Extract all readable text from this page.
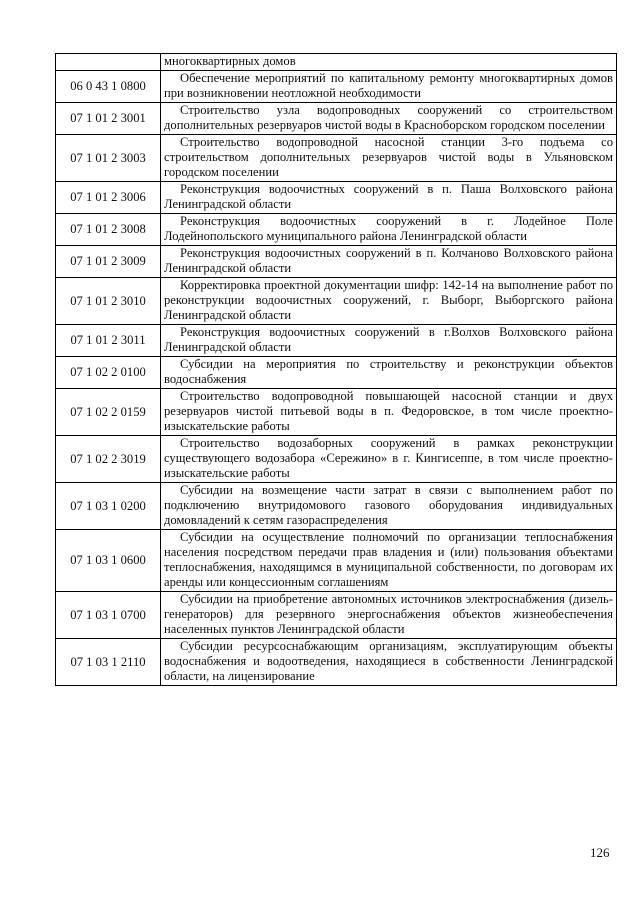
	многоквартирных домов
06 0 43 1 0800	Обеспечение мероприятий по капитальному ремонту многоквартирных домов при возникновении неотложной необходимости
07 1 01 2 3001	Строительство узла водопроводных сооружений со строительством дополнительных резервуаров чистой воды в Красноборском городском поселении
07 1 01 2 3003	Строительство водопроводной насосной станции 3-го подъема со строительством дополнительных резервуаров чистой воды в Ульяновском городском поселении
07 1 01 2 3006	Реконструкция водоочистных сооружений в п. Паша Волховского района Ленинградской области
07 1 01 2 3008	Реконструкция водоочистных сооружений в г. Лодейное Поле Лодейнопольского муниципального района Ленинградской области
07 1 01 2 3009	Реконструкция водоочистных сооружений в п. Колчаново Волховского района Ленинградской области
07 1 01 2 3010	Корректировка проектной документации шифр: 142-14 на выполнение работ по реконструкции водоочистных сооружений, г. Выборг, Выборгского района Ленинградской области
07 1 01 2 3011	Реконструкция водоочистных сооружений в г.Волхов Волховского района Ленинградской области
07 1 02 2 0100	Субсидии на мероприятия по строительству и реконструкции объектов водоснабжения
07 1 02 2 0159	Строительство водопроводной повышающей насосной станции и двух резервуаров чистой питьевой воды в п. Федоровское, в том числе проектно-изыскательские работы
07 1 02 2 3019	Строительство водозаборных сооружений в рамках реконструкции существующего водозабора «Сережино» в г. Кингисеппе, в том числе проектно-изыскательские работы
07 1 03 1 0200	Субсидии на возмещение части затрат в связи с выполнением работ по подключению внутридомового газового оборудования индивидуальных домовладений к сетям газораспределения
07 1 03 1 0600	Субсидии на осуществление полномочий по организации теплоснабжения населения посредством передачи прав владения и (или) пользования объектами теплоснабжения, находящимся в муниципальной собственности, по договорам их аренды или концессионным соглашениям
07 1 03 1 0700	Субсидии на приобретение автономных источников электроснабжения (дизель-генераторов) для резервного энергоснабжения объектов жизнеобеспечения населенных пунктов Ленинградской области
07 1 03 1 2110	Субсидии ресурсоснабжающим организациям, эксплуатирующим объекты водоснабжения и водоотведения, находящиеся в собственности Ленинградской области, на лицензирование
126
